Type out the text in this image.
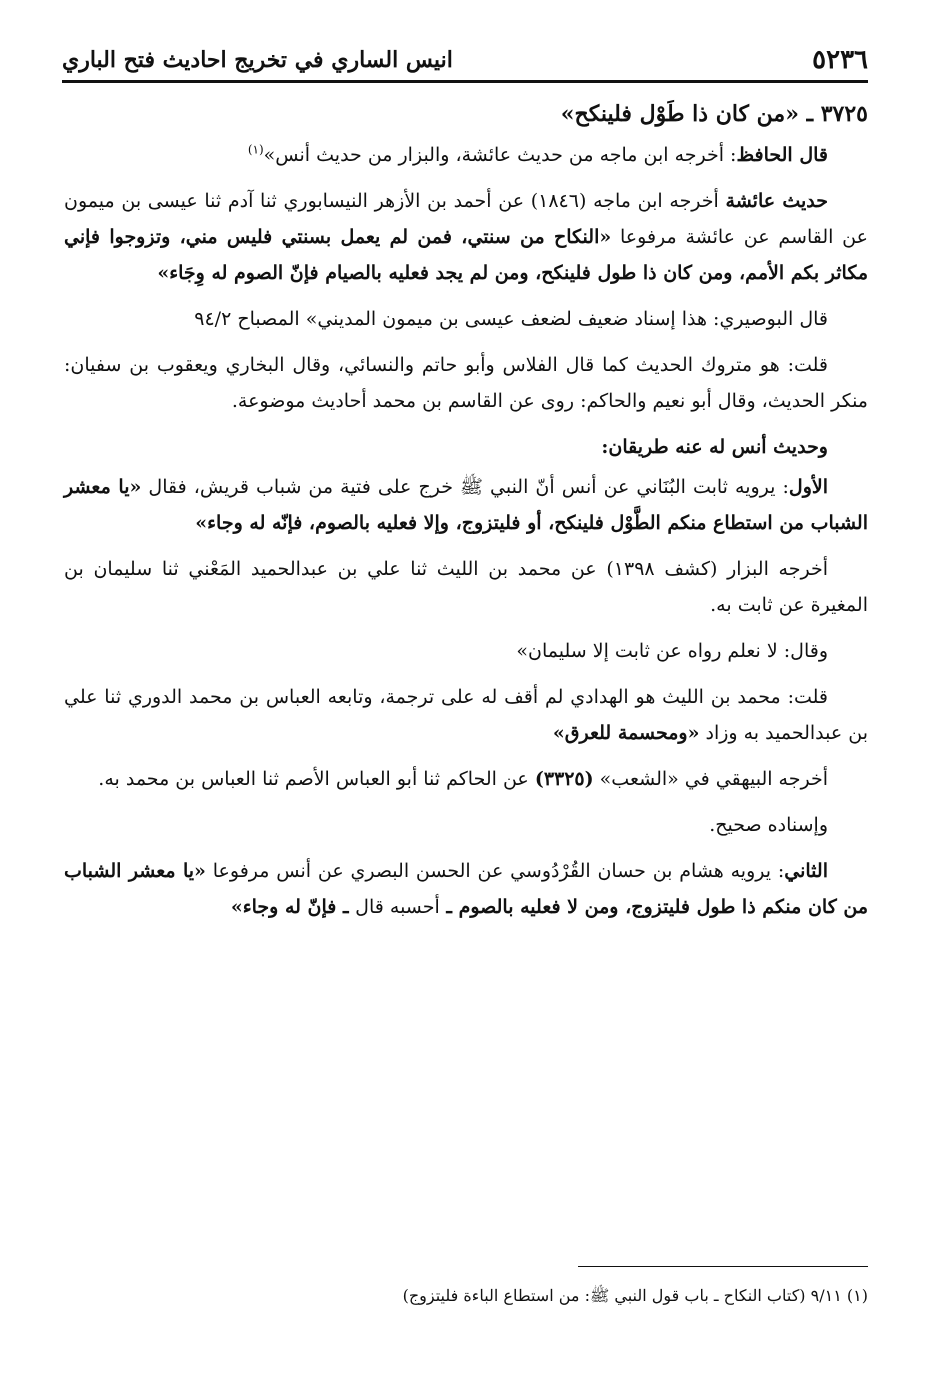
٥٢٣٦
انيس الساري في تخريج احاديث فتح الباري

٣٧٢٥ ـ «من كان ذا طَوْل فلينكح»

قال الحافظ: أخرجه ابن ماجه من حديث عائشة، والبزار من حديث أنس»$^{(١)}$

حديث عائشة أخرجه ابن ماجه (١٨٤٦) عن أحمد بن الأزهر النيسابوري ثنا آدم ثنا عيسى بن ميمون عن القاسم عن عائشة مرفوعا «النكاح من سنتي، فمن لم يعمل بسنتي فليس مني، وتزوجوا فإني مكاثر بكم الأمم، ومن كان ذا طول فلينكح، ومن لم يجد فعليه بالصيام فإنّ الصوم له وِجَاء»

قال البوصيري: هذا إسناد ضعيف لضعف عيسى بن ميمون المديني» المصباح ٩٤/٢

قلت: هو متروك الحديث كما قال الفلاس وأبو حاتم والنسائي، وقال البخاري ويعقوب بن سفيان: منكر الحديث، وقال أبو نعيم والحاكم: روى عن القاسم بن محمد أحاديث موضوعة.

وحديث أنس له عنه طريقان:

الأول: يرويه ثابت البُنَاني عن أنس أنّ النبي ﷺ خرج على فتية من شباب قريش، فقال «يا معشر الشباب من استطاع منكم الطَّوْل فلينكح، أو فليتزوج، وإلا فعليه بالصوم، فإنّه له وجاء»

أخرجه البزار (كشف ١٣٩٨) عن محمد بن الليث ثنا علي بن عبدالحميد المَعْني ثنا سليمان بن المغيرة عن ثابت به.

وقال: لا نعلم رواه عن ثابت إلا سليمان»

قلت: محمد بن الليث هو الهدادي لم أقف له على ترجمة، وتابعه العباس بن محمد الدوري ثنا علي بن عبدالحميد به وزاد «ومحسمة للعرق»

أخرجه البيهقي في «الشعب» (٣٣٢٥) عن الحاكم ثنا أبو العباس الأصم ثنا العباس بن محمد به.

وإسناده صحيح.

الثاني: يرويه هشام بن حسان القُرْدُوسي عن الحسن البصري عن أنس مرفوعا «يا معشر الشباب من كان منكم ذا طول فليتزوج، ومن لا فعليه بالصوم ـ أحسبه قال ـ فإنّ له وجاء»

(١) ٩/١١ (كتاب النكاح ـ باب قول النبي ﷺ: من استطاع الباءة فليتزوج)
